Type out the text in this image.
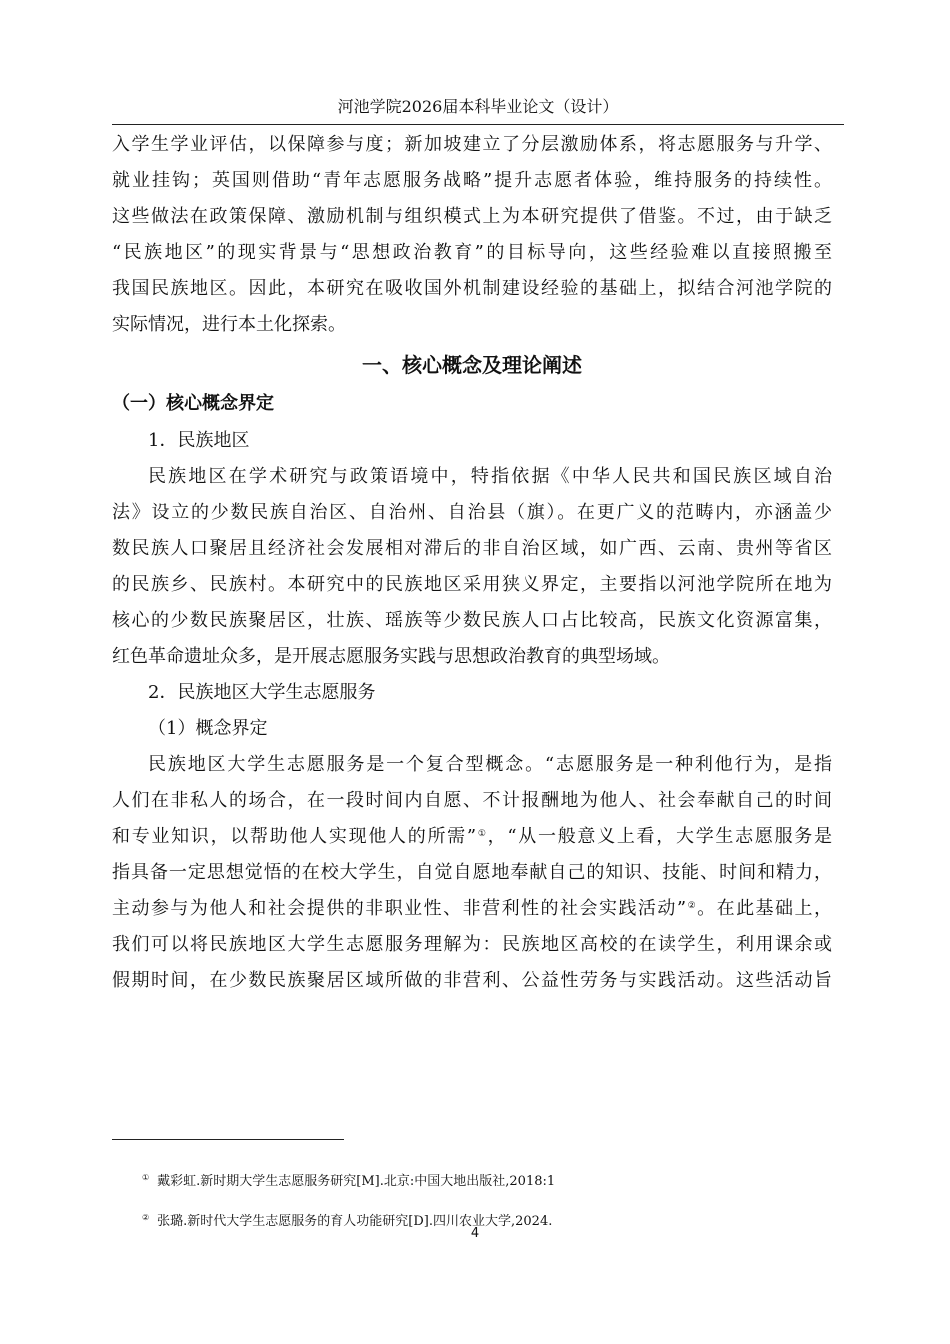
河池学院2026届本科毕业论文（设计）
入学生学业评估，以保障参与度；新加坡建立了分层激励体系，将志愿服务与升学、
就业挂钩；英国则借助“青年志愿服务战略”提升志愿者体验，维持服务的持续性。
这些做法在政策保障、激励机制与组织模式上为本研究提供了借鉴。不过，由于缺乏
“民族地区”的现实背景与“思想政治教育”的目标导向，这些经验难以直接照搬至
我国民族地区。因此，本研究在吸收国外机制建设经验的基础上，拟结合河池学院的
实际情况，进行本土化探索。
一、核心概念及理论阐述
（一）核心概念界定
1．民族地区
民族地区在学术研究与政策语境中，特指依据《中华人民共和国民族区域自治
法》设立的少数民族自治区、自治州、自治县（旗）。在更广义的范畴内，亦涵盖少
数民族人口聚居且经济社会发展相对滞后的非自治区域，如广西、云南、贵州等省区
的民族乡、民族村。本研究中的民族地区采用狭义界定，主要指以河池学院所在地为
核心的少数民族聚居区，壮族、瑶族等少数民族人口占比较高，民族文化资源富集，
红色革命遗址众多，是开展志愿服务实践与思想政治教育的典型场域。
2．民族地区大学生志愿服务
（1）概念界定
民族地区大学生志愿服务是一个复合型概念。“志愿服务是一种利他行为，是指
人们在非私人的场合，在一段时间内自愿、不计报酬地为他人、社会奉献自己的时间
和专业知识，以帮助他人实现他人的所需”①，“从一般意义上看，大学生志愿服务是
指具备一定思想觉悟的在校大学生，自觉自愿地奉献自己的知识、技能、时间和精力，
主动参与为他人和社会提供的非职业性、非营利性的社会实践活动”②。在此基础上，
我们可以将民族地区大学生志愿服务理解为：民族地区高校的在读学生，利用课余或
假期时间，在少数民族聚居区域所做的非营利、公益性劳务与实践活动。这些活动旨
① 戴彩虹.新时期大学生志愿服务研究[M].北京:中国大地出版社,2018:1
② 张璐.新时代大学生志愿服务的育人功能研究[D].四川农业大学,2024.
4
